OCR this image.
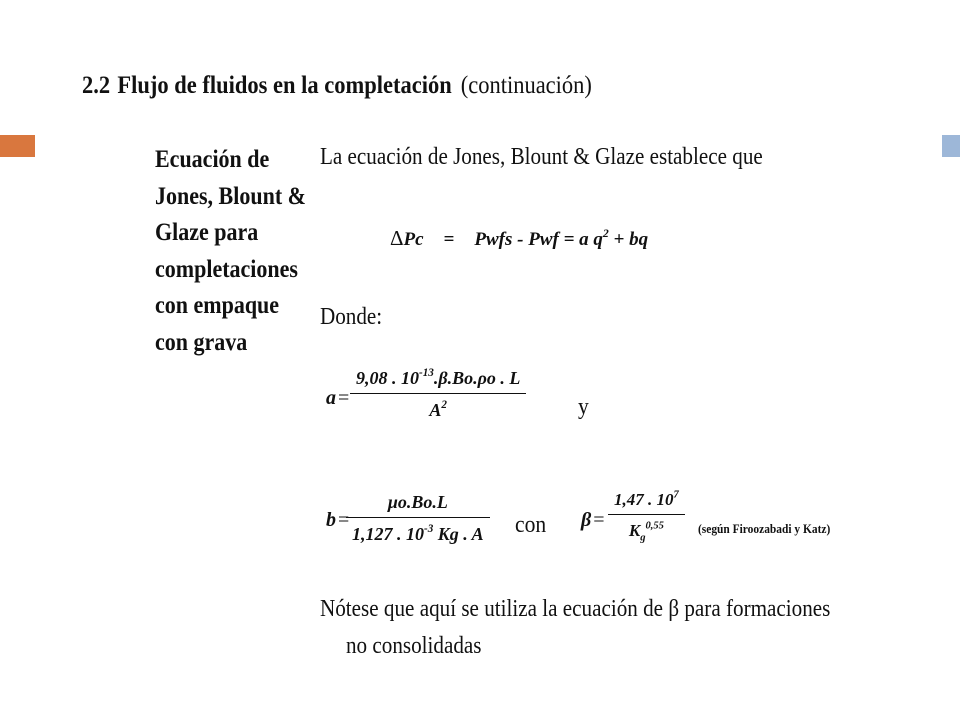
2.2 Flujo de fluidos en la completación (continuación)
Ecuación de
Jones, Blount &
Glaze para
completaciones
con empaque
con grava
La ecuación de Jones, Blount & Glaze establece que
ΔPc = Pwfs - Pwf = a $q^2$ + bq
Donde:
a =
9,08 . $10^{-13}.\beta.Bo.\rho o$ . L
$A^2$	y
b =
μo.Bo.L
1,127 . $10^{-3}$ Kg . A con β =
1,47 . $10^7$
$K_g^{0,55}$	(según Firoozabadi y Katz)
Nótese que aquí se utiliza la ecuación de β para formaciones
no consolidadas
